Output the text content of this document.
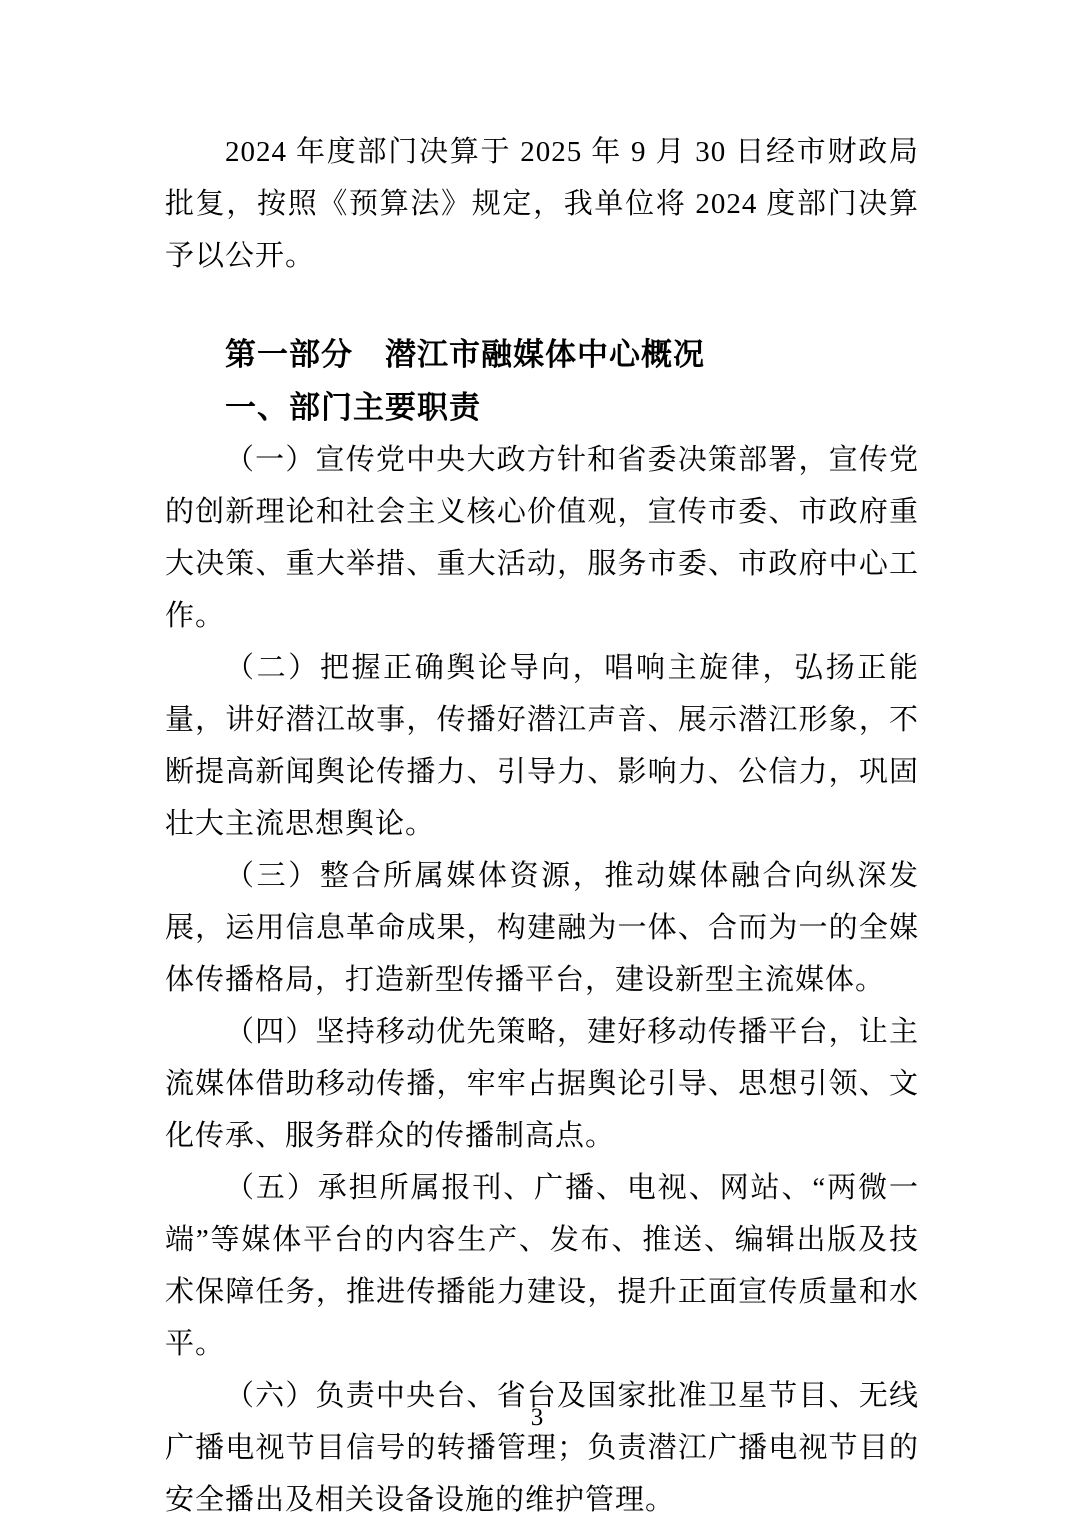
2024 年度部门决算于 2025 年 9 月 30 日经市财政局批复，按照《预算法》规定，我单位将 2024 度部门决算予以公开。

第一部分　潜江市融媒体中心概况

一、部门主要职责

（一）宣传党中央大政方针和省委决策部署，宣传党的创新理论和社会主义核心价值观，宣传市委、市政府重大决策、重大举措、重大活动，服务市委、市政府中心工作。

（二）把握正确舆论导向，唱响主旋律，弘扬正能量，讲好潜江故事，传播好潜江声音、展示潜江形象，不断提高新闻舆论传播力、引导力、影响力、公信力，巩固壮大主流思想舆论。

（三）整合所属媒体资源，推动媒体融合向纵深发展，运用信息革命成果，构建融为一体、合而为一的全媒体传播格局，打造新型传播平台，建设新型主流媒体。

（四）坚持移动优先策略，建好移动传播平台，让主流媒体借助移动传播，牢牢占据舆论引导、思想引领、文化传承、服务群众的传播制高点。

（五）承担所属报刊、广播、电视、网站、“两微一端”等媒体平台的内容生产、发布、推送、编辑出版及技术保障任务，推进传播能力建设，提升正面宣传质量和水平。

（六）负责中央台、省台及国家批准卫星节目、无线广播电视节目信号的转播管理；负责潜江广播电视节目的安全播出及相关设备设施的维护管理。

3
